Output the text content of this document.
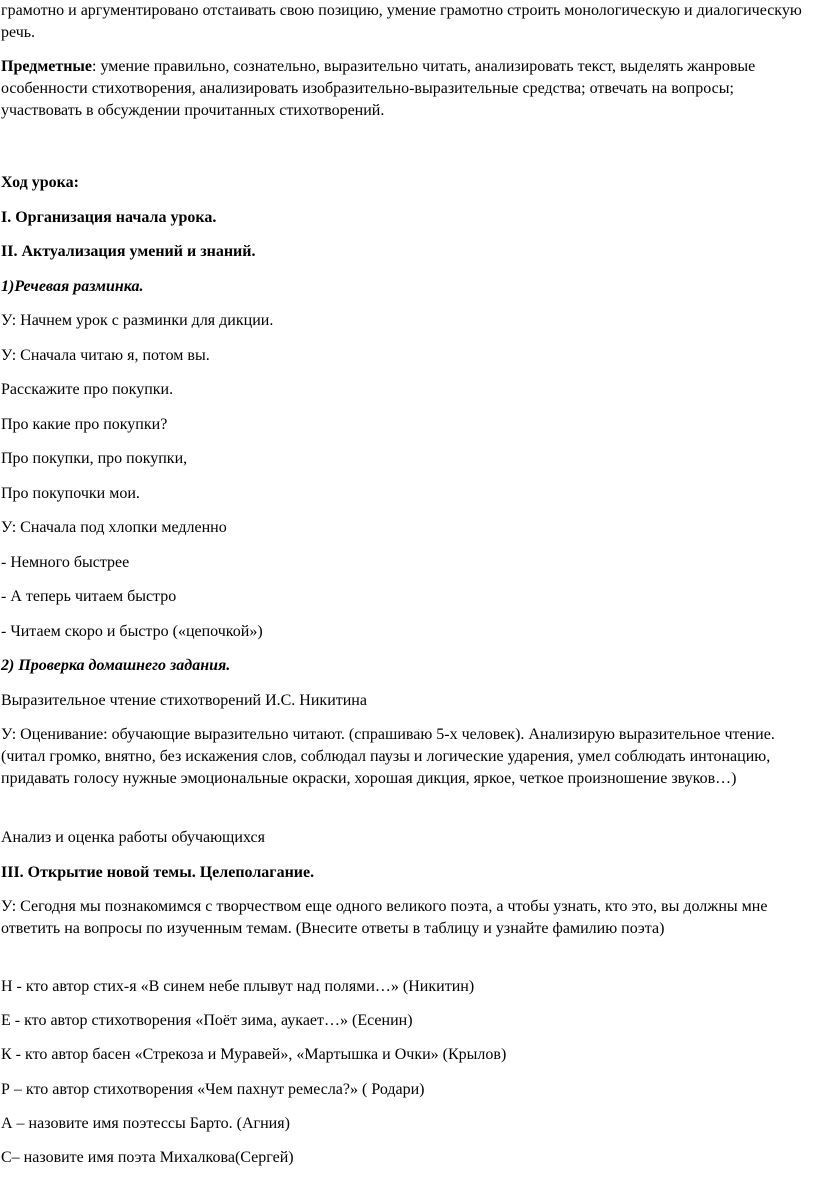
грамотно и аргументировано отстаивать свою позицию, умение грамотно строить монологическую и диалогическую речь.

Предметные: умение правильно, сознательно, выразительно читать, анализировать текст, выделять жанровые особенности стихотворения, анализировать изобразительно-выразительные средства; отвечать на вопросы; участвовать в обсуждении прочитанных стихотворений.

Ход урока:

I. Организация начала урока.

II. Актуализация умений и знаний.

1)Речевая разминка.

У: Начнем урок с разминки для дикции.

У: Сначала читаю я, потом вы.

Расскажите про покупки.

Про какие про покупки?

Про покупки, про покупки,

Про покупочки мои.

У: Сначала под хлопки медленно

- Немного быстрее

- А теперь читаем быстро

- Читаем скоро и быстро («цепочкой»)

2) Проверка домашнего задания.

Выразительное чтение стихотворений И.С. Никитина

У: Оценивание: обучающие выразительно читают. (спрашиваю 5-х человек). Анализирую выразительное чтение. (читал громко, внятно, без искажения слов, соблюдал паузы и логические ударения, умел соблюдать интонацию, придавать голосу нужные эмоциональные окраски, хорошая дикция, яркое, четкое произношение звуков…)

Анализ и оценка работы обучающихся

III. Открытие новой темы. Целеполагание.

У: Сегодня мы познакомимся с творчеством еще одного великого поэта, а чтобы узнать, кто это, вы должны мне ответить на вопросы по изученным темам. (Внесите ответы в таблицу и узнайте фамилию поэта)

Н - кто автор стих-я «В синем небе плывут над полями…» (Никитин)

Е - кто автор стихотворения «Поёт зима, аукает…» (Есенин)

К - кто автор басен «Стрекоза и Муравей», «Мартышка и Очки» (Крылов)

Р – кто автор стихотворения «Чем пахнут ремесла?» ( Родари)

А – назовите имя поэтессы Барто. (Агния)

С– назовите имя поэта Михалкова(Сергей)
